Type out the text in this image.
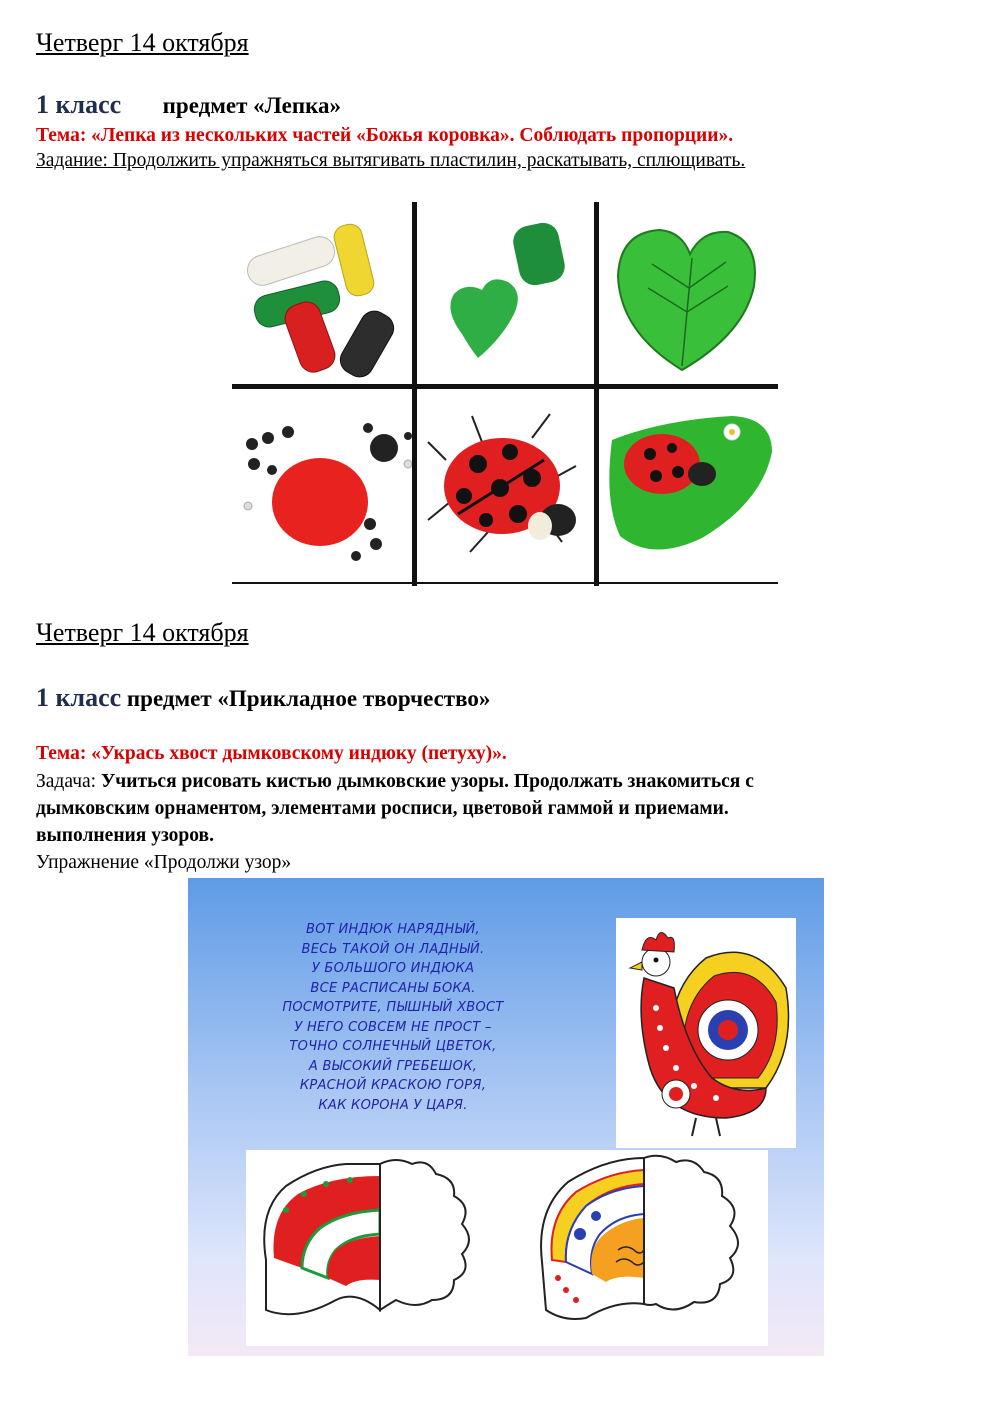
Четверг 14 октября
1 класс предмет «Лепка»
Тема: «Лепка из нескольких частей «Божья коровка». Соблюдать пропорции».
Задание: Продолжить упражняться вытягивать пластилин, раскатывать, сплющивать.
Четверг 14 октября
1 класс предмет «Прикладное творчество»
Тема: «Укрась хвост дымковскому индюку (петуху)».
Задача: Учиться рисовать кистью дымковские узоры. Продолжать знакомиться с
дымковским орнаментом, элементами росписи, цветовой гаммой и приемами.
выполнения узоров.
Упражнение «Продолжи узор»
ВОТ ИНДЮК НАРЯДНЫЙ,
ВЕСЬ ТАКОЙ ОН ЛАДНЫЙ.
У БОЛЬШОГО ИНДЮКА
ВСЕ РАСПИСАНЫ БОКА.
ПОСМОТРИТЕ, ПЫШНЫЙ ХВОСТ
У НЕГО СОВСЕМ НЕ ПРОСТ –
ТОЧНО СОЛНЕЧНЫЙ ЦВЕТОК,
А ВЫСОКИЙ ГРЕБЕШОК,
КРАСНОЙ КРАСКОЮ ГОРЯ,
КАК КОРОНА У ЦАРЯ.
